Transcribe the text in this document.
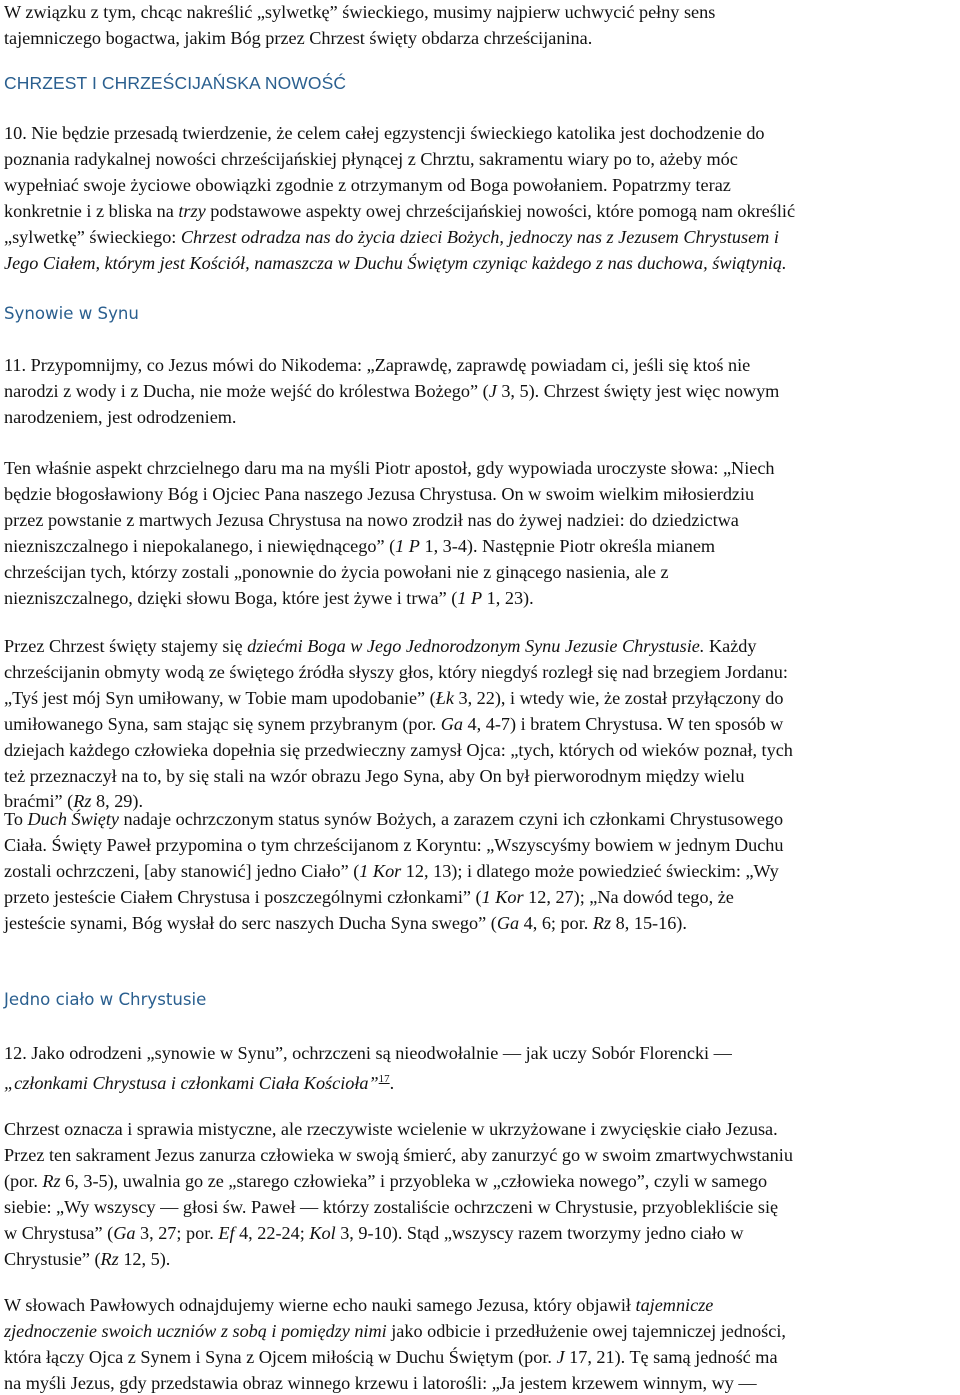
W związku z tym, chcąc nakreślić „sylwetkę” świeckiego, musimy najpierw uchwycić pełny sens
tajemniczego bogactwa, jakim Bóg przez Chrzest święty obdarza chrześcijanina.
CHRZEST I CHRZEŚCIJAŃSKA NOWOŚĆ
10. Nie będzie przesadą twierdzenie, że celem całej egzystencji świeckiego katolika jest dochodzenie do
poznania radykalnej nowości chrześcijańskiej płynącej z Chrztu, sakramentu wiary po to, ażeby móc
wypełniać swoje życiowe obowiązki zgodnie z otrzymanym od Boga powołaniem. Popatrzmy teraz
konkretnie i z bliska na trzy podstawowe aspekty owej chrześcijańskiej nowości, które pomogą nam określić
„sylwetkę” świeckiego: Chrzest odradza nas do życia dzieci Bożych, jednoczy nas z Jezusem Chrystusem i
Jego Ciałem, którym jest Kościół, namaszcza w Duchu Świętym czyniąc każdego z nas duchowa, świątynią.
Synowie w Synu
11. Przypomnijmy, co Jezus mówi do Nikodema: „Zaprawdę, zaprawdę powiadam ci, jeśli się ktoś nie
narodzi z wody i z Ducha, nie może wejść do królestwa Bożego” (J 3, 5). Chrzest święty jest więc nowym
narodzeniem, jest odrodzeniem.
Ten właśnie aspekt chrzcielnego daru ma na myśli Piotr apostoł, gdy wypowiada uroczyste słowa: „Niech
będzie błogosławiony Bóg i Ojciec Pana naszego Jezusa Chrystusa. On w swoim wielkim miłosierdziu
przez powstanie z martwych Jezusa Chrystusa na nowo zrodził nas do żywej nadziei: do dziedzictwa
niezniszczalnego i niepokalanego, i niewiędnącego” (1 P 1, 3-4). Następnie Piotr określa mianem
chrześcijan tych, którzy zostali „ponownie do życia powołani nie z ginącego nasienia, ale z
niezniszczalnego, dzięki słowu Boga, które jest żywe i trwa” (1 P 1, 23).
Przez Chrzest święty stajemy się dziećmi Boga w Jego Jednorodzonym Synu Jezusie Chrystusie. Każdy
chrześcijanin obmyty wodą ze świętego źródła słyszy głos, który niegdyś rozległ się nad brzegiem Jordanu:
„Tyś jest mój Syn umiłowany, w Tobie mam upodobanie” (Łk 3, 22), i wtedy wie, że został przyłączony do
umiłowanego Syna, sam stając się synem przybranym (por. Ga 4, 4-7) i bratem Chrystusa. W ten sposób w
dziejach każdego człowieka dopełnia się przedwieczny zamysł Ojca: „tych, których od wieków poznał, tych
też przeznaczył na to, by się stali na wzór obrazu Jego Syna, aby On był pierworodnym między wielu
braćmi” (Rz 8, 29).
To Duch Święty nadaje ochrzczonym status synów Bożych, a zarazem czyni ich członkami Chrystusowego
Ciała. Święty Paweł przypomina o tym chrześcijanom z Koryntu: „Wszyscyśmy bowiem w jednym Duchu
zostali ochrzczeni, [aby stanowić] jedno Ciało” (1 Kor 12, 13); i dlatego może powiedzieć świeckim: „Wy
przeto jesteście Ciałem Chrystusa i poszczególnymi członkami” (1 Kor 12, 27); „Na dowód tego, że
jesteście synami, Bóg wysłał do serc naszych Ducha Syna swego” (Ga 4, 6; por. Rz 8, 15-16).
Jedno ciało w Chrystusie
12. Jako odrodzeni „synowie w Synu”, ochrzczeni są nieodwołalnie — jak uczy Sobór Florencki —
„członkami Chrystusa i członkami Ciała Kościoła”$^{17}$.
Chrzest oznacza i sprawia mistyczne, ale rzeczywiste wcielenie w ukrzyżowane i zwycięskie ciało Jezusa.
Przez ten sakrament Jezus zanurza człowieka w swoją śmierć, aby zanurzyć go w swoim zmartwychwstaniu
(por. Rz 6, 3-5), uwalnia go ze „starego człowieka” i przyobleka w „człowieka nowego”, czyli w samego
siebie: „Wy wszyscy — głosi św. Paweł — którzy zostaliście ochrzczeni w Chrystusie, przyoblekliście się
w Chrystusa” (Ga 3, 27; por. Ef 4, 22-24; Kol 3, 9-10). Stąd „wszyscy razem tworzymy jedno ciało w
Chrystusie” (Rz 12, 5).
W słowach Pawłowych odnajdujemy wierne echo nauki samego Jezusa, który objawił tajemnicze
zjednoczenie swoich uczniów z sobą i pomiędzy nimi jako odbicie i przedłużenie owej tajemniczej jedności,
która łączy Ojca z Synem i Syna z Ojcem miłością w Duchu Świętym (por. J 17, 21). Tę samą jedność ma
na myśli Jezus, gdy przedstawia obraz winnego krzewu i latorośli: „Ja jestem krzewem winnym, wy —
